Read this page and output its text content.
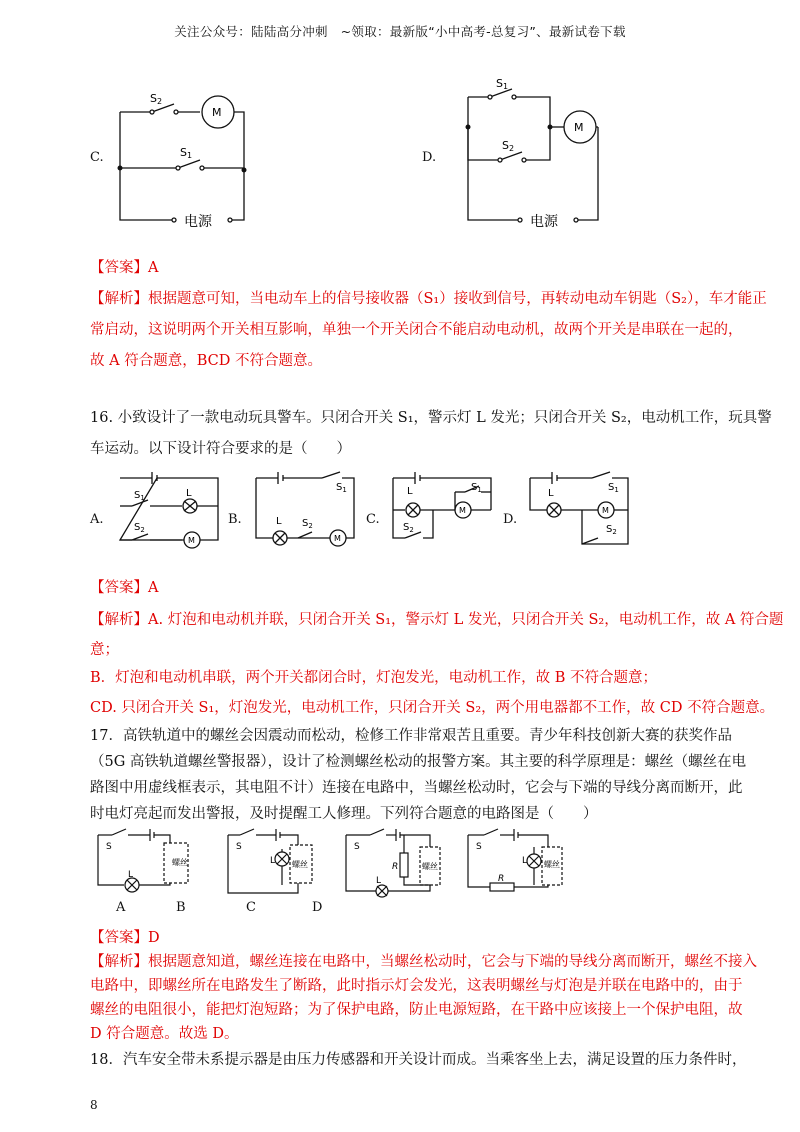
关注公众号：陆陆高分冲刺　~领取：最新版“小中高考-总复习”、最新试卷下载
C.
S2
S1
M
电源
D.
S1
S2
M
电源
【答案】A
【解析】根据题意可知，当电动车上的信号接收器（S₁）接收到信号，再转动电动车钥匙（S₂），车才能正
常启动，这说明两个开关相互影响，单独一个开关闭合不能启动电动机，故两个开关是串联在一起的，
故 A 符合题意，BCD 不符合题意。
16. 小致设计了一款电动玩具警车。只闭合开关 S₁，警示灯 L 发光；只闭合开关 S₂，电动机工作，玩具警
车运动。以下设计符合要求的是（　　）
A.
$S_1$	L
$S_2$
M
B.
$S_1$
L $S_2$
M
C.
L	$S_1$
$S_2$
M
D.
L
$S_1$
$S_2$
M
【答案】A
【解析】A. 灯泡和电动机并联，只闭合开关 S₁，警示灯 L 发光，只闭合开关 S₂，电动机工作，故 A 符合题
意；
B．灯泡和电动机串联，两个开关都闭合时，灯泡发光，电动机工作，故 B 不符合题意；
CD. 只闭合开关 S₁，灯泡发光，电动机工作，只闭合开关 S₂，两个用电器都不工作，故 CD 不符合题意。
17．高铁轨道中的螺丝会因震动而松动，检修工作非常艰苦且重要。青少年科技创新大赛的获奖作品
（5G 高铁轨道螺丝警报器），设计了检测螺丝松动的报警方案。其主要的科学原理是：螺丝（螺丝在电
路图中用虚线框表示，其电阻不计）连接在电路中，当螺丝松动时，它会与下端的导线分离而断开，此
时电灯亮起而发出警报，及时提醒工人修理。下列符合题意的电路图是（　　）
S
L
螺丝
S
L 螺丝
S
L
R	螺丝
S
L
R
螺丝
A	B	C	D
【答案】D
【解析】根据题意知道，螺丝连接在电路中，当螺丝松动时，它会与下端的导线分离而断开，螺丝不接入
电路中，即螺丝所在电路发生了断路，此时指示灯会发光，这表明螺丝与灯泡是并联在电路中的，由于
螺丝的电阻很小，能把灯泡短路；为了保护电路，防止电源短路，在干路中应该接上一个保护电阻，故
D 符合题意。故选 D。
18．汽车安全带未系提示器是由压力传感器和开关设计而成。当乘客坐上去，满足设置的压力条件时，
8
